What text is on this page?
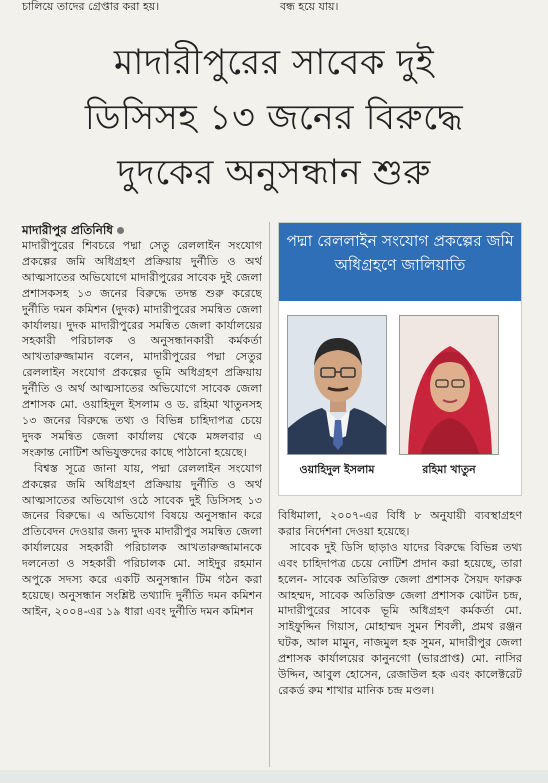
চালিয়ে তাদের গ্রেপ্তার করা হয়।
	বন্ধ হয়ে যায়।
মাদারীপুরের সাবেক দুই
ডিসিসহ ১৩ জনের বিরুদ্ধে
দুদকের অনুসন্ধান শুরু
মাদারীপুর প্রতিনিধি

মাদারীপুরের শিবচরে পদ্মা সেতু রেললাইন সংযোগ প্রকল্পের জমি অধিগ্রহণ প্রক্রিয়ায় দুর্নীতি ও অর্থ আত্মসাতের অভিযোগে মাদারীপুরের সাবেক দুই জেলা প্রশাসকসহ ১৩ জনের বিরুদ্ধে তদন্ত শুরু করেছে দুর্নীতি দমন কমিশন (দুদক) মাদারীপুরের সমন্বিত জেলা কার্যালয়। দুদক মাদারীপুরের সমন্বিত জেলা কার্যালয়ের সহকারী পরিচালক ও অনুসন্ধানকারী কর্মকর্তা আখতারুজ্জামান বলেন, মাদারীপুরের পদ্মা সেতুর রেললাইন সংযোগ প্রকল্পের ভূমি অধিগ্রহণ প্রক্রিয়ায় দুর্নীতি ও অর্থ আত্মসাতের অভিযোগে সাবেক জেলা প্রশাসক মো. ওয়াহিদুল ইসলাম ও ড. রহিমা খাতুনসহ ১৩ জনের বিরুদ্ধে তথ্য ও বিভিন্ন চাহিদাপত্র চেয়ে দুদক সমন্বিত জেলা কার্যালয় থেকে মঙ্গলবার এ সংক্রান্ত নোটিশ অভিযুক্তদের কাছে পাঠানো হয়েছে।

বিশ্বস্ত সূত্রে জানা যায়, পদ্মা রেললাইন সংযোগ প্রকল্পের জমি অধিগ্রহণ প্রক্রিয়ায় দুর্নীতি ও অর্থ আত্মসাতের অভিযোগ ওঠে সাবেক দুই ডিসিসহ ১৩ জনের বিরুদ্ধে। এ অভিযোগ বিষয়ে অনুসন্ধান করে প্রতিবেদন দেওয়ার জন্য দুদক মাদারীপুর সমন্বিত জেলা কার্যালয়ের সহকারী পরিচালক আখতারুজ্জামানকে দলনেতা ও সহকারী পরিচালক মো. সাইদুর রহমান অপুকে সদস্য করে একটি অনুসন্ধান টিম গঠন করা হয়েছে। অনুসন্ধান সংশ্লিষ্ট তথ্যাদি দুর্নীতি দমন কমিশন আইন, ২০০৪-এর ১৯ ধারা এবং দুর্নীতি দমন কমিশন

পদ্মা রেললাইন সংযোগ প্রকল্পের জমি অধিগ্রহণে জালিয়াতি
ওয়াহিদুল ইসলাম	রহিমা খাতুন

বিধিমালা, ২০০৭-এর বিধি ৮ অনুযায়ী ব্যবস্থাগ্রহণ করার নির্দেশনা দেওয়া হয়েছে।

সাবেক দুই ডিসি ছাড়াও যাদের বিরুদ্ধে বিভিন্ন তথ্য এবং চাহিদাপত্র চেয়ে নোটিশ প্রদান করা হয়েছে, তারা হলেন- সাবেক অতিরিক্ত জেলা প্রশাসক সৈয়দ ফারুক আহম্মদ, সাবেক অতিরিক্ত জেলা প্রশাসক ঝোটন চন্দ্র, মাদারীপুরের সাবেক ভূমি অধিগ্রহণ কর্মকর্তা মো. সাইফুদ্দিন গিয়াস, মোহাম্মদ সুমন শিবলী, প্রমথ রঞ্জন ঘটক, আল মামুন, নাজমুল হক সুমন, মাদারীপুর জেলা প্রশাসক কার্যালয়ের কানুনগো (ভারপ্রাপ্ত) মো. নাসির উদ্দিন, আবুল হোসেন, রেজাউল হক এবং কালেক্টরেট রেকর্ড রুম শাখার মানিক চন্দ্র মণ্ডল।
